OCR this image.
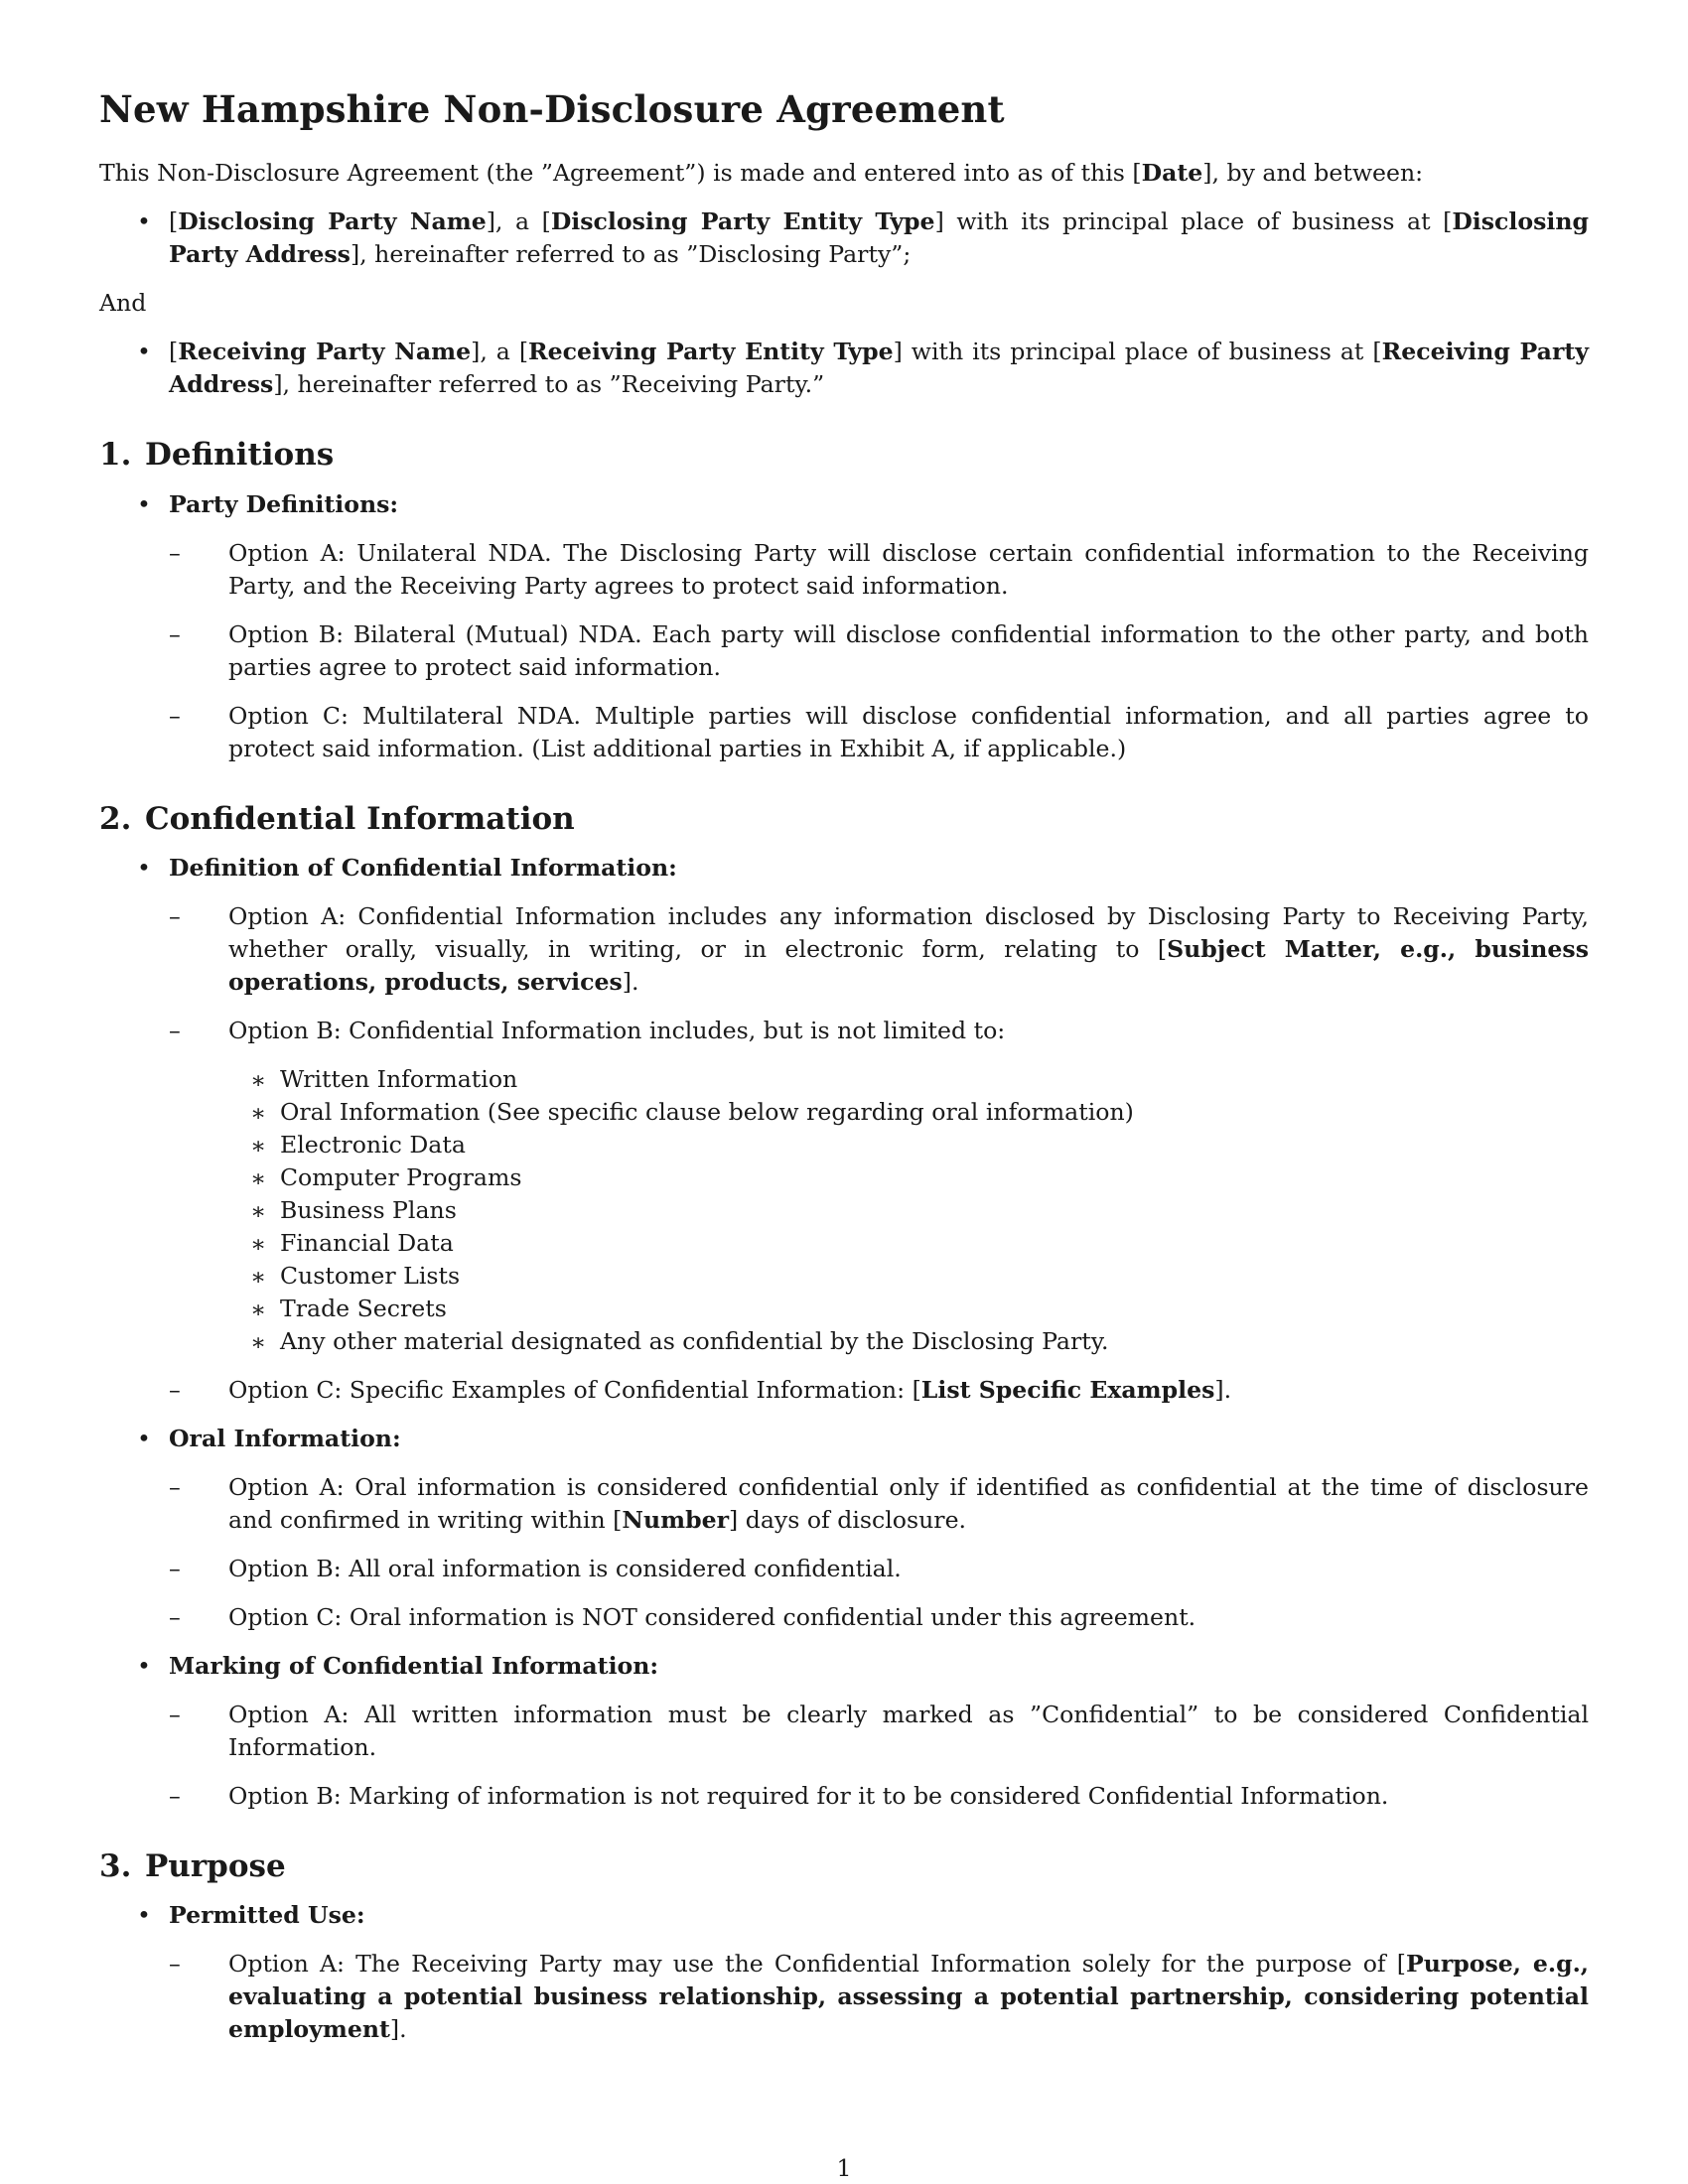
New Hampshire Non-Disclosure Agreement

This Non-Disclosure Agreement (the ”Agreement”) is made and entered into as of this [Date], by and between:

• [Disclosing Party Name], a [Disclosing Party Entity Type] with its principal place of business at [Disclosing Party Address], hereinafter referred to as ”Disclosing Party”;

And

• [Receiving Party Name], a [Receiving Party Entity Type] with its principal place of business at [Receiving Party Address], hereinafter referred to as ”Receiving Party.”
1. Definitions
• Party Definitions:
– Option A: Unilateral NDA. The Disclosing Party will disclose certain confidential information to the Receiving Party, and the Receiving Party agrees to protect said information.
– Option B: Bilateral (Mutual) NDA. Each party will disclose confidential information to the other party, and both parties agree to protect said information.
– Option C: Multilateral NDA. Multiple parties will disclose confidential information, and all parties agree to protect said information. (List additional parties in Exhibit A, if applicable.)
2. Confidential Information
• Definition of Confidential Information:
– Option A: Confidential Information includes any information disclosed by Disclosing Party to Receiving Party, whether orally, visually, in writing, or in electronic form, relating to [Subject Matter, e.g., business operations, products, services].
– Option B: Confidential Information includes, but is not limited to:
∗ Written Information
∗ Oral Information (See specific clause below regarding oral information)
∗ Electronic Data
∗ Computer Programs
∗ Business Plans
∗ Financial Data
∗ Customer Lists
∗ Trade Secrets
∗ Any other material designated as confidential by the Disclosing Party.
– Option C: Specific Examples of Confidential Information: [List Specific Examples].
• Oral Information:
– Option A: Oral information is considered confidential only if identified as confidential at the time of disclosure and confirmed in writing within [Number] days of disclosure.
– Option B: All oral information is considered confidential.
– Option C: Oral information is NOT considered confidential under this agreement.
• Marking of Confidential Information:
– Option A: All written information must be clearly marked as ”Confidential” to be considered Confidential Information.
– Option B: Marking of information is not required for it to be considered Confidential Information.
3. Purpose
• Permitted Use:
– Option A: The Receiving Party may use the Confidential Information solely for the purpose of [Purpose, e.g., evaluating a potential business relationship, assessing a potential partnership, considering potential employment].
1
